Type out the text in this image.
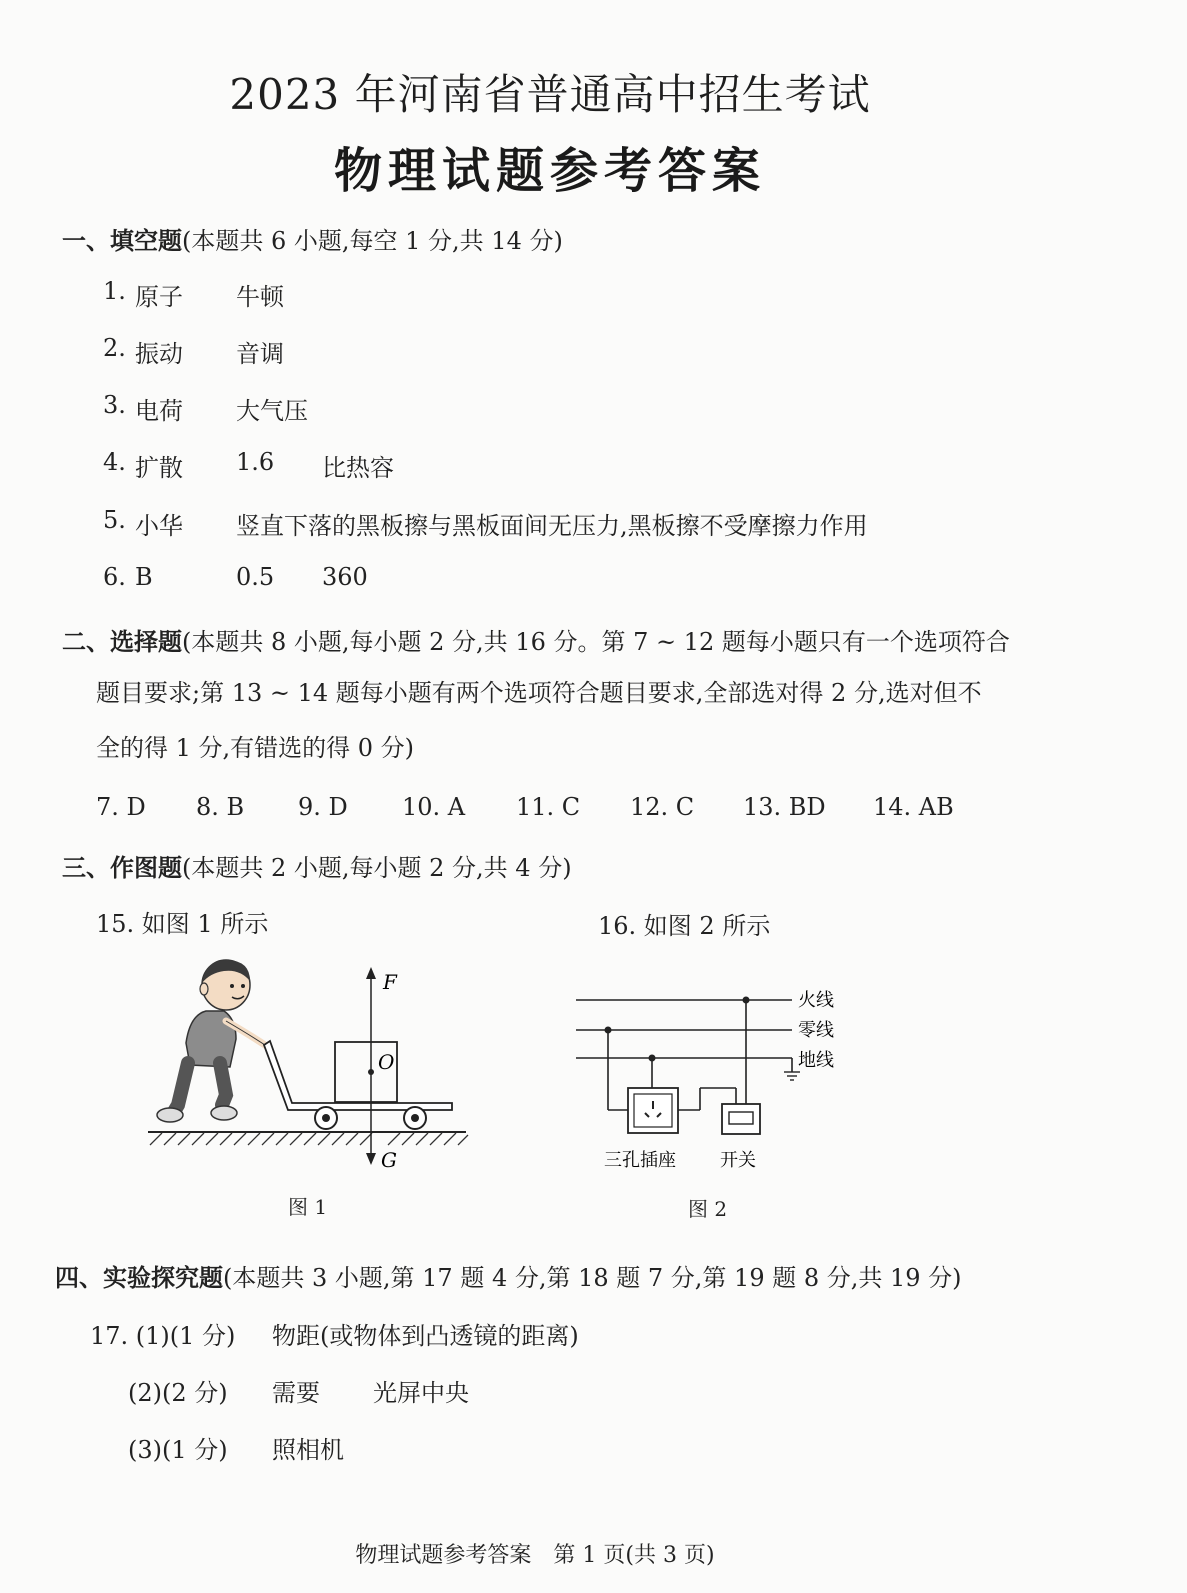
2023 年河南省普通高中招生考试
物理试题参考答案
一、填空题(本题共 6 小题,每空 1 分,共 14 分)
1. 原子 牛顿
2. 振动 音调
3. 电荷 大气压
4. 扩散 1.6 比热容
5. 小华 竖直下落的黑板擦与黑板面间无压力,黑板擦不受摩擦力作用
6. B	0.5 360
二、选择题(本题共 8 小题,每小题 2 分,共 16 分。第 7 ~ 12 题每小题只有一个选项符合
题目要求;第 13 ~ 14 题每小题有两个选项符合题目要求,全部选对得 2 分,选对但不
全的得 1 分,有错选的得 0 分)
7. D 8. B 9. D 10. A 11. C 12. C 13. BD 14. AB
三、作图题(本题共 2 小题,每小题 2 分,共 4 分)
15. 如图 1 所示	16. 如图 2 所示
F
O
G
图 1
火线
零线
地线
三孔插座 开关
图 2
四、实验探究题(本题共 3 小题,第 17 题 4 分,第 18 题 7 分,第 19 题 8 分,共 19 分)
17. (1)(1 分) 物距(或物体到凸透镜的距离)
(2)(2 分) 需要 光屏中央
(3)(1 分) 照相机
物理试题参考答案　第 1 页(共 3 页)
